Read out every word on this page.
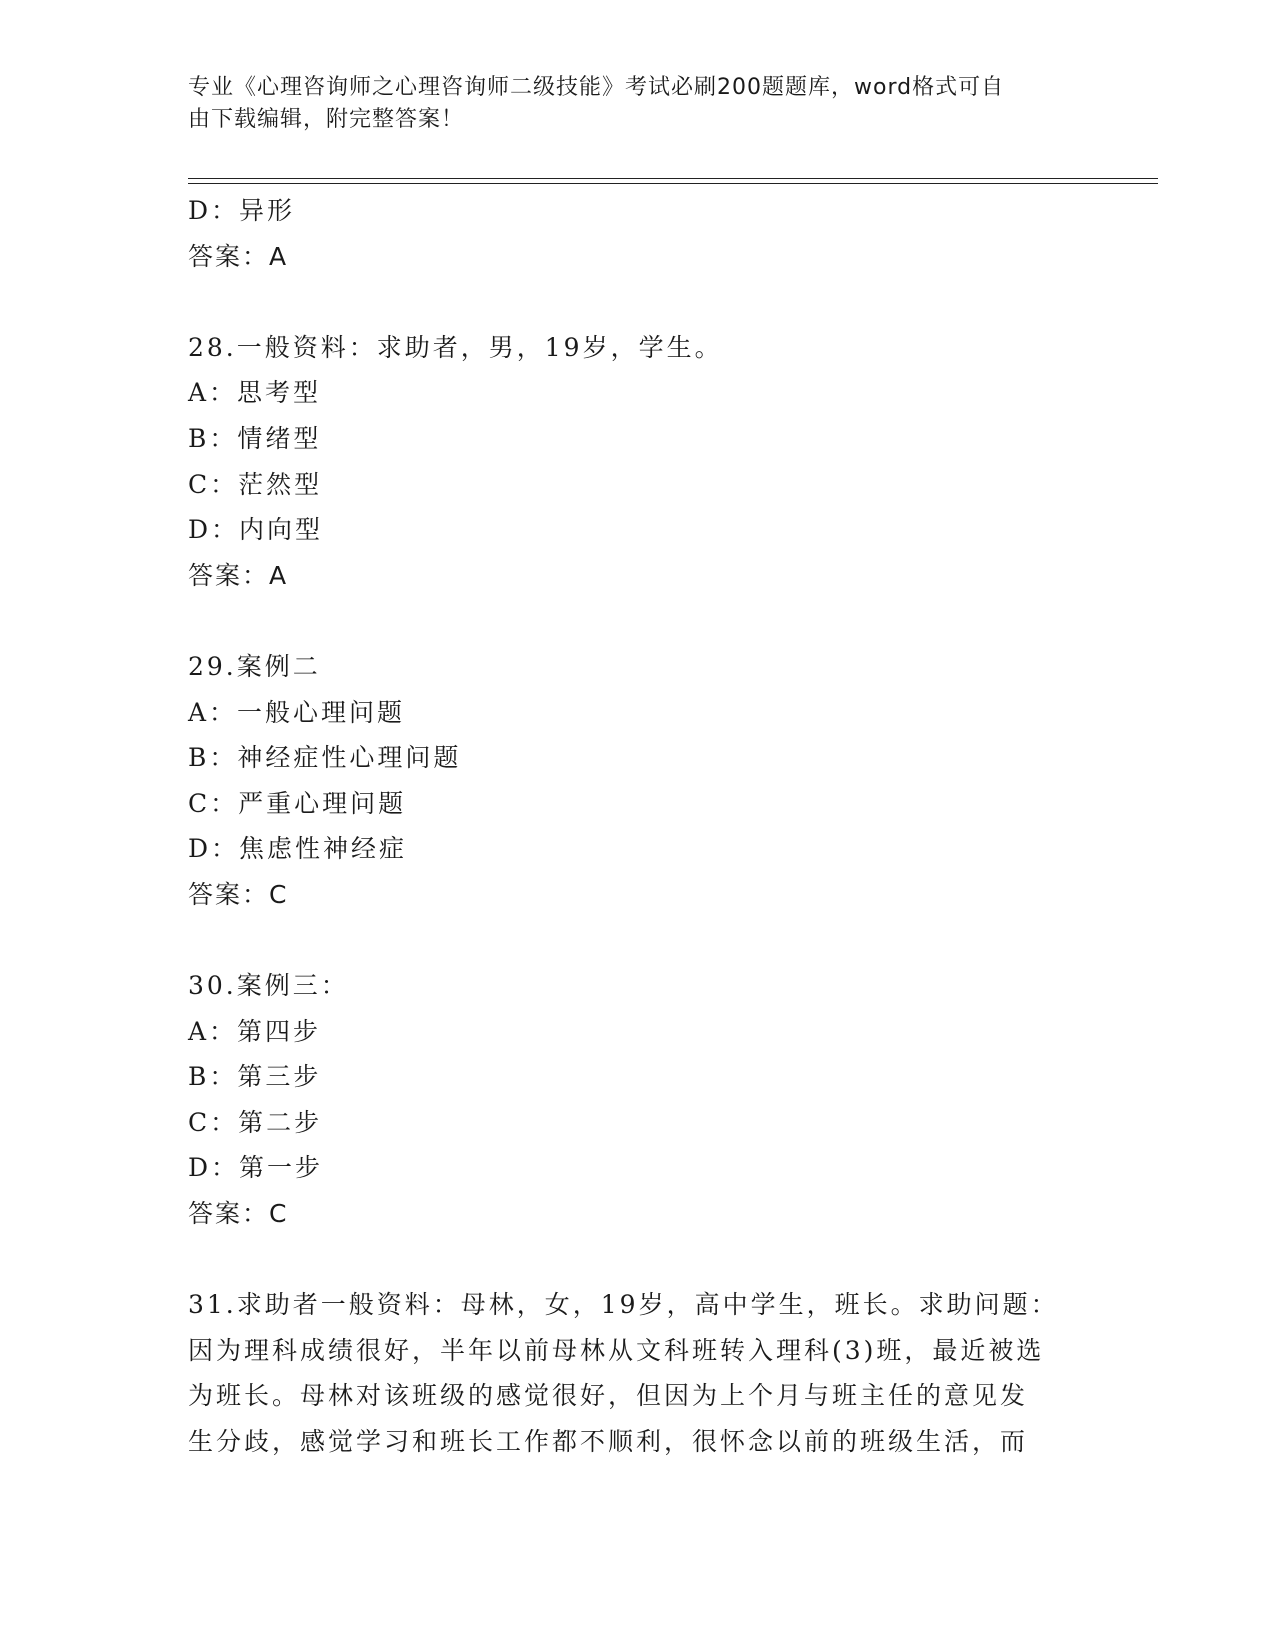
专业《心理咨询师之心理咨询师二级技能》考试必刷200题题库，word格式可自
由下载编辑，附完整答案！
D：异形
答案：A
28.一般资料：求助者，男，19岁，学生。
A：思考型
B：情绪型
C：茫然型
D：内向型
答案：A
29.案例二
A：一般心理问题
B：神经症性心理问题
C：严重心理问题
D：焦虑性神经症
答案：C
30.案例三：
A：第四步
B：第三步
C：第二步
D：第一步
答案：C
31.求助者一般资料：母林，女，19岁，高中学生，班长。求助问题：
因为理科成绩很好，半年以前母林从文科班转入理科(3)班，最近被选
为班长。母林对该班级的感觉很好，但因为上个月与班主任的意见发
生分歧，感觉学习和班长工作都不顺利，很怀念以前的班级生活，而
